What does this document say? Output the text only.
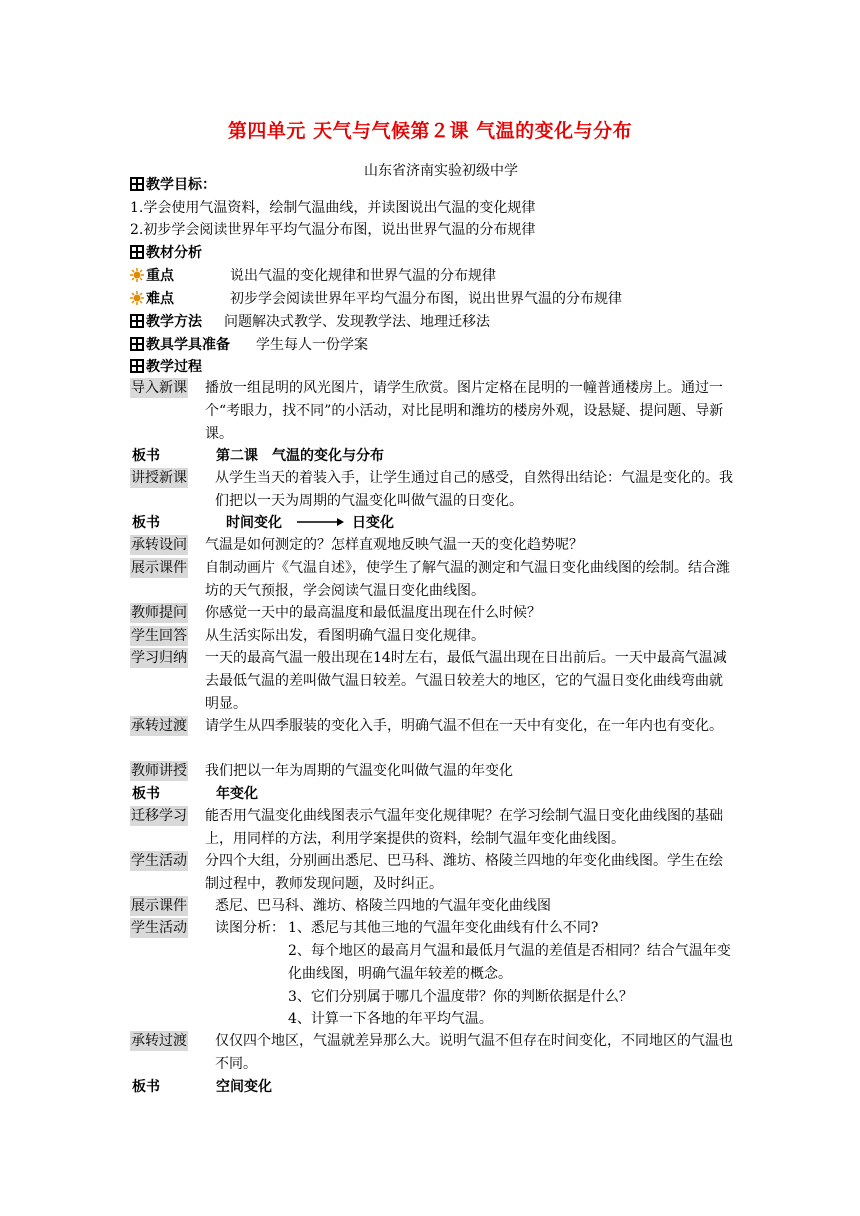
第四单元 天气与气候第２课 气温的变化与分布
山东省济南实验初级中学
教学目标：
1.学会使用气温资料，绘制气温曲线，并读图说出气温的变化规律
2.初步学会阅读世界年平均气温分布图，说出世界气温的分布规律
教材分析
重点	说出气温的变化规律和世界气温的分布规律
难点	初步学会阅读世界年平均气温分布图，说出世界气温的分布规律
教学方法 问题解决式教学、发现教学法、地理迁移法
教具学具准备 学生每人一份学案
教学过程
导入新课 播放一组昆明的风光图片，请学生欣赏。图片定格在昆明的一幢普通楼房上。通过一个“考眼力，找不同”的小活动，对比昆明和潍坊的楼房外观，设悬疑、提问题、导新课。
板书	第二课　气温的变化与分布
讲授新课	从学生当天的着装入手，让学生通过自己的感受，自然得出结论：气温是变化的。我们把以一天为周期的气温变化叫做气温的日变化。
板书	时间变化	日变化
承转设问 气温是如何测定的？怎样直观地反映气温一天的变化趋势呢？
展示课件 自制动画片《气温自述》，使学生了解气温的测定和气温日变化曲线图的绘制。结合潍坊的天气预报，学会阅读气温日变化曲线图。
教师提问 你感觉一天中的最高温度和最低温度出现在什么时候？
学生回答 从生活实际出发，看图明确气温日变化规律。
学习归纳 一天的最高气温一般出现在14时左右，最低气温出现在日出前后。一天中最高气温减去最低气温的差叫做气温日较差。气温日较差大的地区，它的气温日变化曲线弯曲就明显。
承转过渡 请学生从四季服装的变化入手，明确气温不但在一天中有变化，在一年内也有变化。
教师讲授 我们把以一年为周期的气温变化叫做气温的年变化
板书	年变化
迁移学习 能否用气温变化曲线图表示气温年变化规律呢？在学习绘制气温日变化曲线图的基础上，用同样的方法，利用学案提供的资料，绘制气温年变化曲线图。
学生活动 分四个大组，分别画出悉尼、巴马科、潍坊、格陵兰四地的年变化曲线图。学生在绘制过程中，教师发现问题，及时纠正。
展示课件	悉尼、巴马科、潍坊、格陵兰四地的气温年变化曲线图
学生活动	读图分析： 1、悉尼与其他三地的气温年变化曲线有什么不同?
2、每个地区的最高月气温和最低月气温的差值是否相同？结合气温年变化曲线图，明确气温年较差的概念。
3、它们分别属于哪几个温度带？你的判断依据是什么？
4、计算一下各地的年平均气温。
承转过渡	仅仅四个地区，气温就差异那么大。说明气温不但存在时间变化，不同地区的气温也不同。
板书	空间变化
